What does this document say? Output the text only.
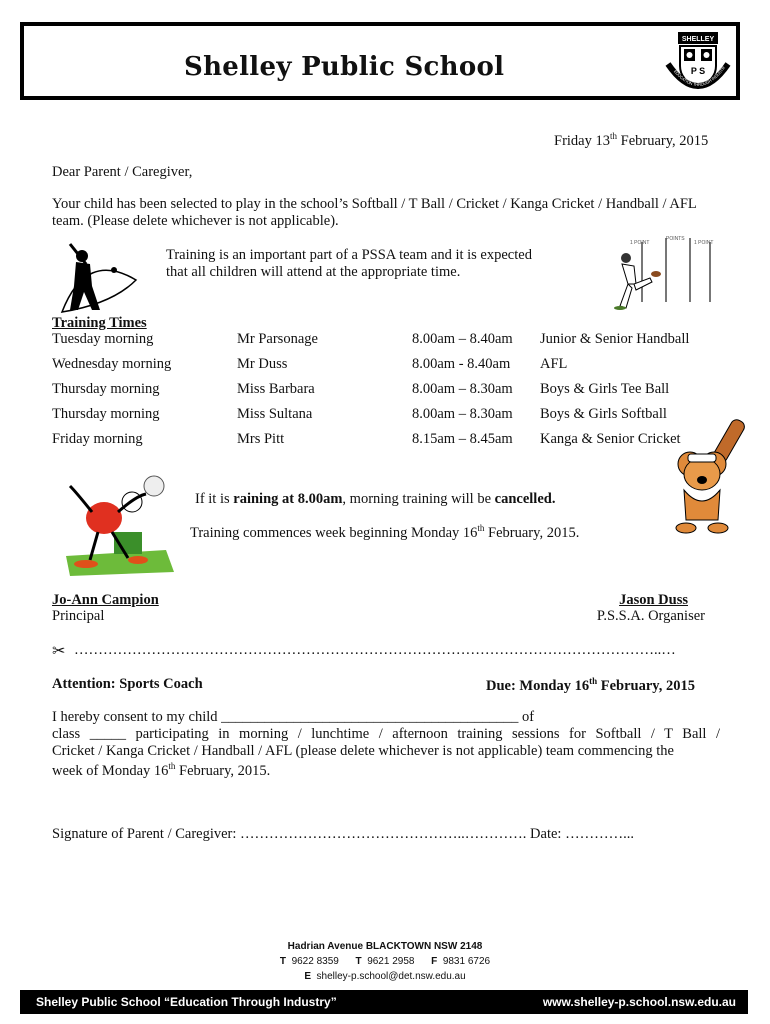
Shelley Public School
SHELLEY
P S
EDUCATION THROUGH INDUSTR
Friday 13th February, 2015
Dear Parent / Caregiver,
Your child has been selected to play in the school’s Softball / T Ball / Cricket / Kanga Cricket / Handball / AFL team. (Please delete whichever is not applicable).
Training is an important part of a PSSA team and it is expected
that all children will attend at the appropriate time.
1 POINT
POINTS
1 POINT
Training Times
Tuesday morning	Mr Parsonage	8.00am – 8.40am	Junior & Senior Handball
Wednesday morning	Mr Duss	8.00am - 8.40am	AFL
Thursday morning	Miss Barbara	8.00am – 8.30am	Boys & Girls Tee Ball
Thursday morning	Miss Sultana	8.00am – 8.30am	Boys & Girls Softball
Friday morning	Mrs Pitt	8.15am – 8.45am	Kanga & Senior Cricket
If it is raining at 8.00am, morning training will be cancelled.
Training commences week beginning Monday 16th February, 2015.
Jo-Ann Campion
Principal
Jason Duss
P.S.S.A. Organiser
✂ …………………………………………………………………………………………………………..…
Attention: Sports Coach	Due: Monday 16th February, 2015
I hereby consent to my child _________________________________________ of
class _____ participating in morning / lunchtime / afternoon training sessions for Softball / T Ball /
Cricket / Kanga Cricket / Handball / AFL (please delete whichever is not applicable) team commencing the
week of Monday 16th February, 2015.
Signature of Parent / Caregiver: ………………………………………..…………. Date: …………...
Hadrian Avenue BLACKTOWN NSW 2148
T 9622 8359 T 9621 2958 F 9831 6726
E shelley-p.school@det.nsw.edu.au
Shelley Public School “Education Through Industry”	www.shelley-p.school.nsw.edu.au
